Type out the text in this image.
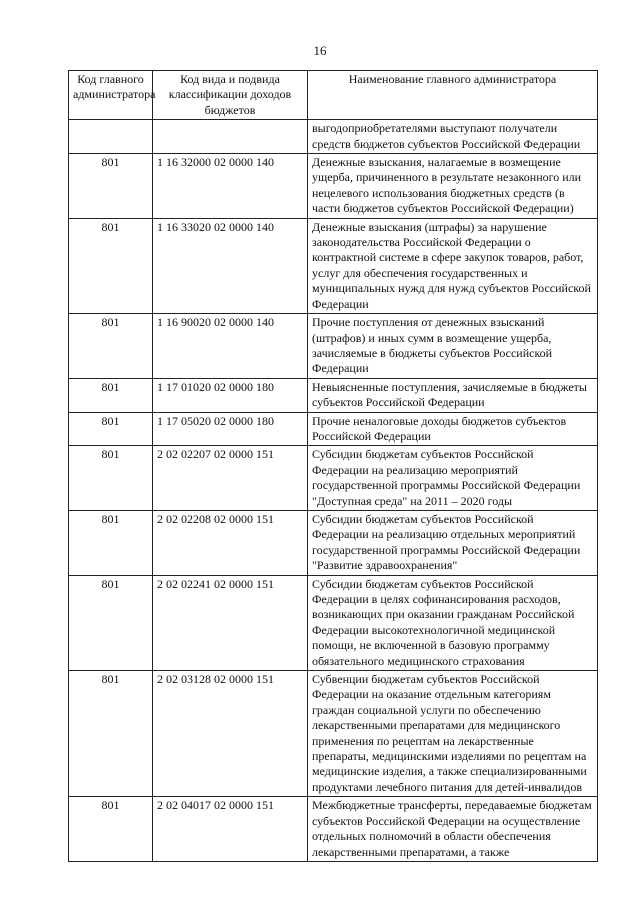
16
Код главного администратора	Код вида и подвида классификации доходов бюджетов	Наименование главного администратора
		выгодоприобретателями выступают получатели средств бюджетов субъектов Российской Федерации
801	1 16 32000 02 0000 140	Денежные взыскания, налагаемые в возмещение ущерба, причиненного в результате незаконного или нецелевого использования бюджетных средств (в части бюджетов субъектов Российской Федерации)
801	1 16 33020 02 0000 140	Денежные взыскания (штрафы) за нарушение законодательства Российской Федерации о контрактной системе в сфере закупок товаров, работ, услуг для обеспечения государственных и муниципальных нужд для нужд субъектов Российской Федерации
801	1 16 90020 02 0000 140	Прочие поступления от денежных взысканий (штрафов) и иных сумм в возмещение ущерба, зачисляемые в бюджеты субъектов Российской Федерации
801	1 17 01020 02 0000 180	Невыясненные поступления, зачисляемые в бюджеты субъектов Российской Федерации
801	1 17 05020 02 0000 180	Прочие неналоговые доходы бюджетов субъектов Российской Федерации
801	2 02 02207 02 0000 151	Субсидии бюджетам субъектов Российской Федерации на реализацию мероприятий государственной программы Российской Федерации "Доступная среда" на 2011 – 2020 годы
801	2 02 02208 02 0000 151	Субсидии бюджетам субъектов Российской Федерации на реализацию отдельных мероприятий государственной программы Российской Федерации "Развитие здравоохранения"
801	2 02 02241 02 0000 151	Субсидии бюджетам субъектов Российской Федерации в целях софинансирования расходов, возникающих при оказании гражданам Российской Федерации высокотехнологичной медицинской помощи, не включенной в базовую программу обязательного медицинского страхования
801	2 02 03128 02 0000 151	Субвенции бюджетам субъектов Российской Федерации на оказание отдельным категориям граждан социальной услуги по обеспечению лекарственными препаратами для медицинского применения по рецептам на лекарственные препараты, медицинскими изделиями по рецептам на медицинские изделия, а также специализированными продуктами лечебного питания для детей-инвалидов
801	2 02 04017 02 0000 151	Межбюджетные трансферты, передаваемые бюджетам субъектов Российской Федерации на осуществление отдельных полномочий в области обеспечения лекарственными препаратами, а также
